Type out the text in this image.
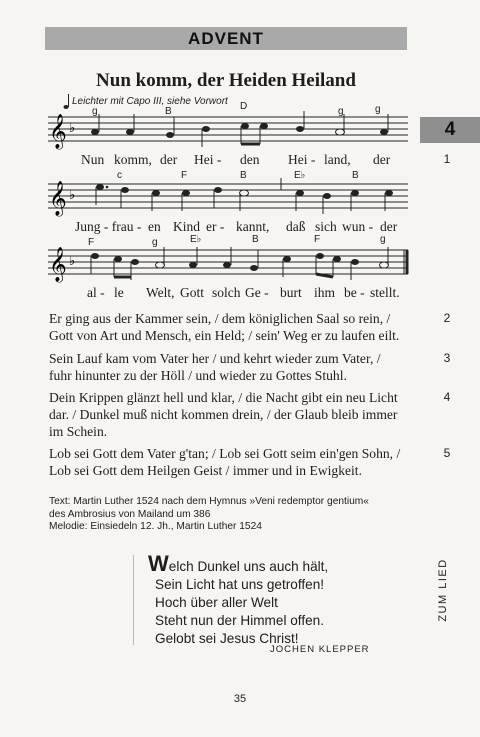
ADVENT
4
Nun komm, der Heiden Heiland
Leichter mit Capo III, siehe Vorwort
1
𝄞
𝄞
𝄞
♭
♭
♭
g	B	D	g	g
c	F	B	E♭	B
F	g	E♭	B	F	g
Nun komm, der Hei - den Hei - land, der
Jung - frau - en Kind er - kannt, daß sich wun - der
al - le Welt, Gott solch Ge - burt ihm be - stellt.
Er ging aus der Kammer sein, / dem königlichen Saal so rein, /
Gott von Art und Mensch, ein Held; / sein' Weg er zu laufen eilt.
2
Sein Lauf kam vom Vater her / und kehrt wieder zum Vater, /
fuhr hinunter zu der Höll / und wieder zu Gottes Stuhl.
3
Dein Krippen glänzt hell und klar, / die Nacht gibt ein neu Licht
dar. / Dunkel muß nicht kommen drein, / der Glaub bleib immer
im Schein.
4
Lob sei Gott dem Vater g'tan; / Lob sei Gott seim ein'gen Sohn, /
Lob sei Gott dem Heilgen Geist / immer und in Ewigkeit.
5
Text: Martin Luther 1524 nach dem Hymnus »Veni redemptor gentium«
des Ambrosius von Mailand um 386
Melodie: Einsiedeln 12. Jh., Martin Luther 1524
Welch Dunkel uns auch hält,
Sein Licht hat uns getroffen!
Hoch über aller Welt
Steht nun der Himmel offen.
Gelobt sei Jesus Christ!
JOCHEN KLEPPER
ZUM LIED
35
